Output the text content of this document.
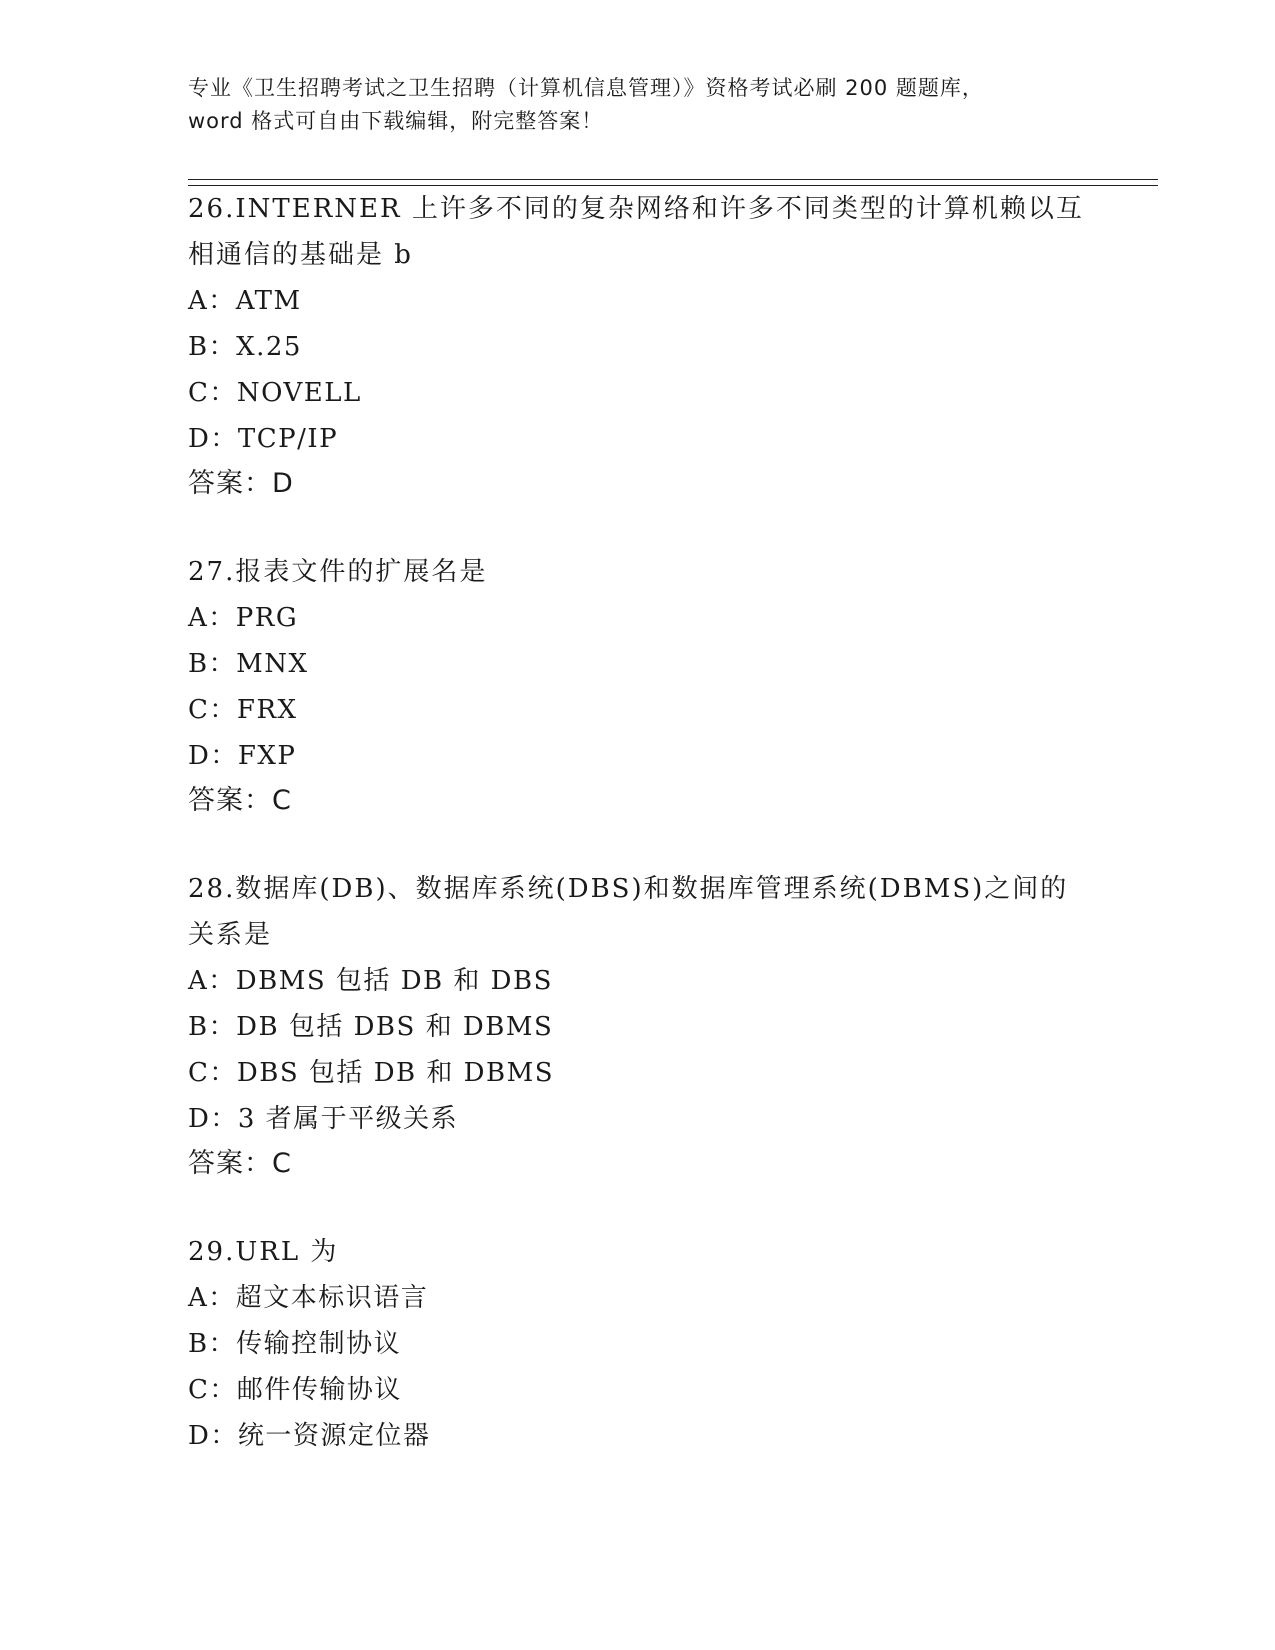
专业《卫生招聘考试之卫生招聘（计算机信息管理）》资格考试必刷 200 题题库，
word 格式可自由下载编辑，附完整答案！
26.INTERNER 上许多不同的复杂网络和许多不同类型的计算机赖以互相通信的基础是 b
A：ATM
B：X.25
C：NOVELL
D：TCP/IP
答案：D
27.报表文件的扩展名是
A：PRG
B：MNX
C：FRX
D：FXP
答案：C
28.数据库(DB)、数据库系统(DBS)和数据库管理系统(DBMS)之间的关系是
A：DBMS 包括 DB 和 DBS
B：DB 包括 DBS 和 DBMS
C：DBS 包括 DB 和 DBMS
D：3 者属于平级关系
答案：C
29.URL 为
A：超文本标识语言
B：传输控制协议
C：邮件传输协议
D：统一资源定位器
